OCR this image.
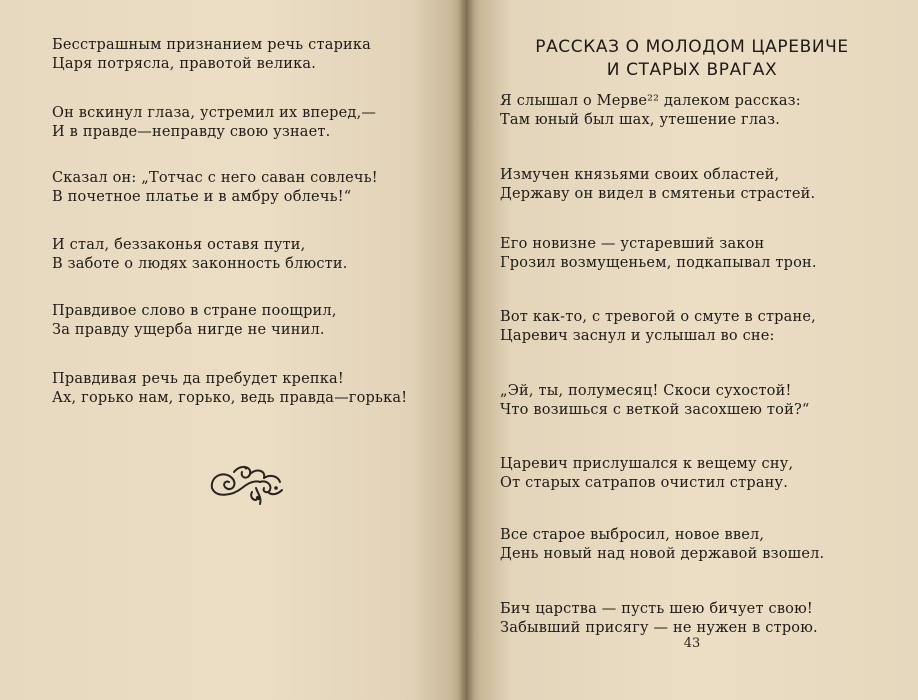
Бесстрашным признанием речь старика
Царя потрясла, правотой велика.
Он вскинул глаза, устремил их вперед,—
И в правде—неправду свою узнает.
Сказал он: „Тотчас с него саван совлечь!
В почетное платье и в амбру облечь!“
И стал, беззаконья оставя пути,
В заботе о людях законность блюсти.
Правдивое слово в стране поощрил,
За правду ущерба нигде не чинил.
Правдивая речь да пребудет крепка!
Ах, горько нам, горько, ведь правда—горька!
РАССКАЗ О МОЛОДОМ ЦАРЕВИЧЕ
И СТАРЫХ ВРАГАХ
Я слышал о Мерве²² далеком рассказ:
Там юный был шах, утешение глаз.
Измучен князьями своих областей,
Державу он видел в смятеньи страстей.
Его новизне — устаревший закон
Грозил возмущеньем, подкапывал трон.
Вот как-то, с тревогой о смуте в стране,
Царевич заснул и услышал во сне:
„Эй, ты, полумесяц! Скоси сухостой!
Что возишься с веткой засохшею той?“
Царевич прислушался к вещему сну,
От старых сатрапов очистил страну.
Все старое выбросил, новое ввел,
День новый над новой державой взошел.
Бич царства — пусть шею бичует свою!
Забывший присягу — не нужен в строю.
43
